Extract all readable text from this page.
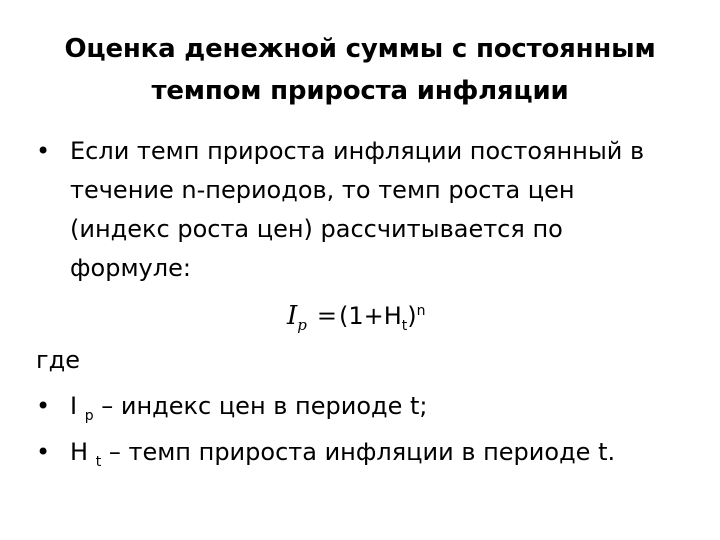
Оценка денежной суммы с постоянным
темпом прироста инфляции
• Если темп прироста инфляции постоянный в
течение n-периодов, то темп роста цен
(индекс роста цен) рассчитывается по
формуле:
$I_p =(1+H_t)^n$
где
• I $_p$ – индекс цен в периоде t;
• H $_t$ – темп прироста инфляции в периоде t.
